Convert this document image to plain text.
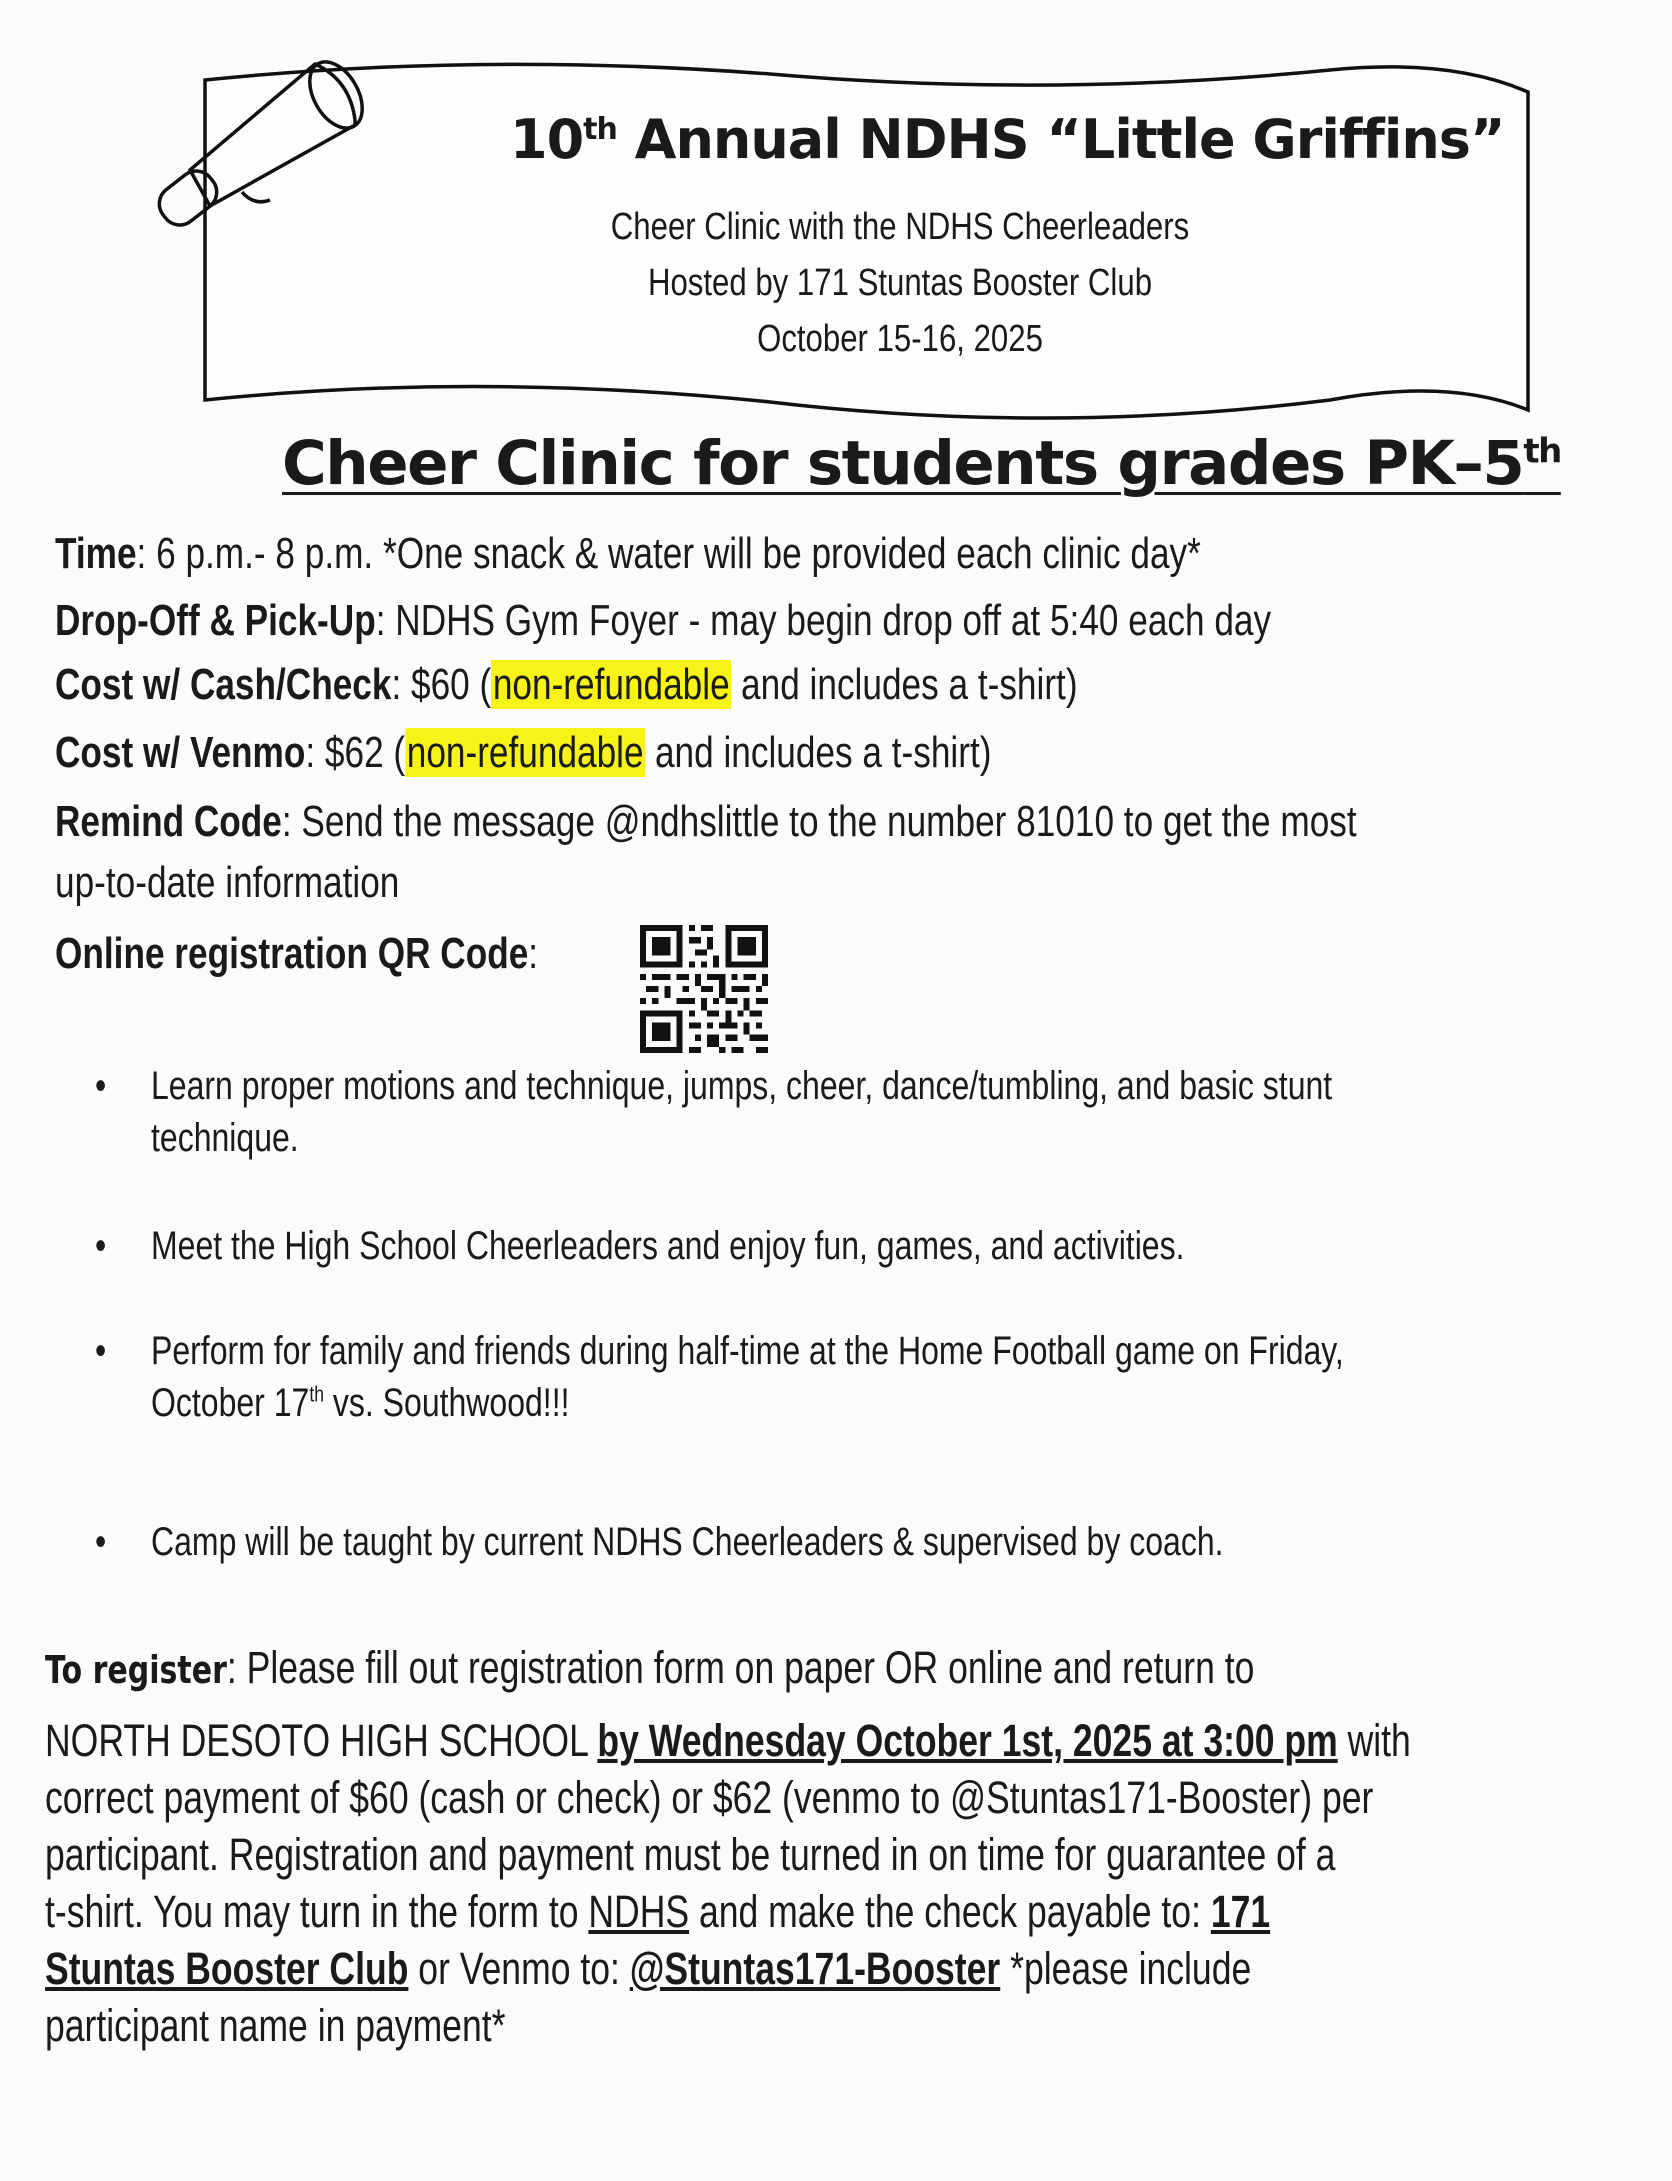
10th Annual NDHS “Little Griffins”
Cheer Clinic with the NDHS Cheerleaders
Hosted by 171 Stuntas Booster Club
October 15-16, 2025
Cheer Clinic for students grades PK–5th
Time: 6 p.m.- 8 p.m. *One snack & water will be provided each clinic day*
Drop-Off & Pick-Up: NDHS Gym Foyer - may begin drop off at 5:40 each day
Cost w/ Cash/Check: $60 (non-refundable and includes a t-shirt)
Cost w/ Venmo: $62 (non-refundable and includes a t-shirt)
Remind Code: Send the message @ndhslittle to the number 81010 to get the most
up-to-date information
Online registration QR Code:
• Learn proper motions and technique, jumps, cheer, dance/tumbling, and basic stunt
technique.
• Meet the High School Cheerleaders and enjoy fun, games, and activities.
• Perform for family and friends during half-time at the Home Football game on Friday,
October 17th vs. Southwood!!!
• Camp will be taught by current NDHS Cheerleaders & supervised by coach.
To register: Please fill out registration form on paper OR online and return to
NORTH DESOTO HIGH SCHOOL by Wednesday October 1st, 2025 at 3:00 pm with
correct payment of $60 (cash or check) or $62 (venmo to @Stuntas171-Booster) per
participant. Registration and payment must be turned in on time for guarantee of a
t-shirt. You may turn in the form to NDHS and make the check payable to: 171
Stuntas Booster Club or Venmo to: @Stuntas171-Booster *please include
participant name in payment*
